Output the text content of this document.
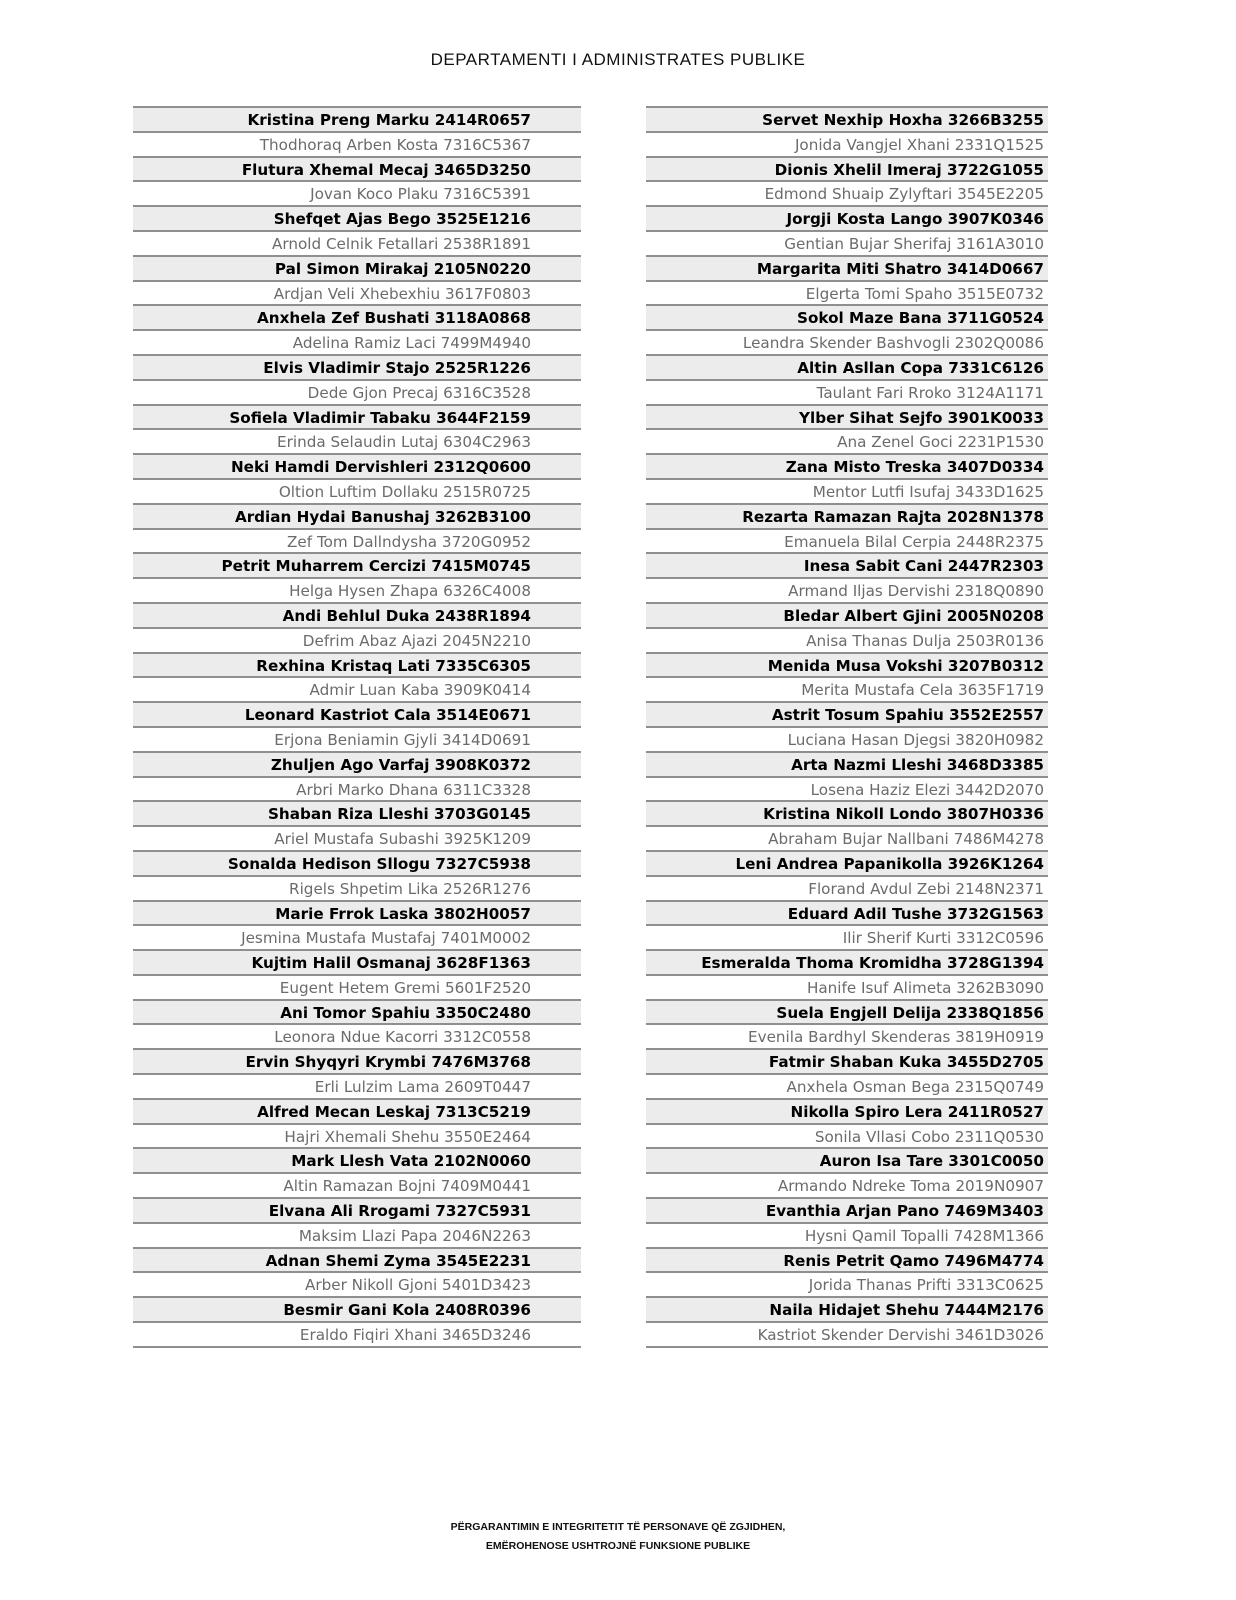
DEPARTAMENTI I ADMINISTRATES PUBLIKE
Kristina Preng Marku 2414R0657
Thodhoraq Arben Kosta 7316C5367
Flutura Xhemal Mecaj 3465D3250
Jovan Koco Plaku 7316C5391
Shefqet Ajas Bego 3525E1216
Arnold Celnik Fetallari 2538R1891
Pal Simon Mirakaj 2105N0220
Ardjan Veli Xhebexhiu 3617F0803
Anxhela Zef Bushati 3118A0868
Adelina Ramiz Laci 7499M4940
Elvis Vladimir Stajo 2525R1226
Dede Gjon Precaj 6316C3528
Sofiela Vladimir Tabaku 3644F2159
Erinda Selaudin Lutaj 6304C2963
Neki Hamdi Dervishleri 2312Q0600
Oltion Luftim Dollaku 2515R0725
Ardian Hydai Banushaj 3262B3100
Zef Tom Dallndysha 3720G0952
Petrit Muharrem Cercizi 7415M0745
Helga Hysen Zhapa 6326C4008
Andi Behlul Duka 2438R1894
Defrim Abaz Ajazi 2045N2210
Rexhina Kristaq Lati 7335C6305
Admir Luan Kaba 3909K0414
Leonard Kastriot Cala 3514E0671
Erjona Beniamin Gjyli 3414D0691
Zhuljen Ago Varfaj 3908K0372
Arbri Marko Dhana 6311C3328
Shaban Riza Lleshi 3703G0145
Ariel Mustafa Subashi 3925K1209
Sonalda Hedison Sllogu 7327C5938
Rigels Shpetim Lika 2526R1276
Marie Frrok Laska 3802H0057
Jesmina Mustafa Mustafaj 7401M0002
Kujtim Halil Osmanaj 3628F1363
Eugent Hetem Gremi 5601F2520
Ani Tomor Spahiu 3350C2480
Leonora Ndue Kacorri 3312C0558
Ervin Shyqyri Krymbi 7476M3768
Erli Lulzim Lama 2609T0447
Alfred Mecan Leskaj 7313C5219
Hajri Xhemali Shehu 3550E2464
Mark Llesh Vata 2102N0060
Altin Ramazan Bojni 7409M0441
Elvana Ali Rrogami 7327C5931
Maksim Llazi Papa 2046N2263
Adnan Shemi Zyma 3545E2231
Arber Nikoll Gjoni 5401D3423
Besmir Gani Kola 2408R0396
Eraldo Fiqiri Xhani 3465D3246
Servet Nexhip Hoxha 3266B3255
Jonida Vangjel Xhani 2331Q1525
Dionis Xhelil Imeraj 3722G1055
Edmond Shuaip Zylyftari 3545E2205
Jorgji Kosta Lango 3907K0346
Gentian Bujar Sherifaj 3161A3010
Margarita Miti Shatro 3414D0667
Elgerta Tomi Spaho 3515E0732
Sokol Maze Bana 3711G0524
Leandra Skender Bashvogli 2302Q0086
Altin Asllan Copa 7331C6126
Taulant Fari Rroko 3124A1171
Ylber Sihat Sejfo 3901K0033
Ana Zenel Goci 2231P1530
Zana Misto Treska 3407D0334
Mentor Lutfi Isufaj 3433D1625
Rezarta Ramazan Rajta 2028N1378
Emanuela Bilal Cerpia 2448R2375
Inesa Sabit Cani 2447R2303
Armand Iljas Dervishi 2318Q0890
Bledar Albert Gjini 2005N0208
Anisa Thanas Dulja 2503R0136
Menida Musa Vokshi 3207B0312
Merita Mustafa Cela 3635F1719
Astrit Tosum Spahiu 3552E2557
Luciana Hasan Djegsi 3820H0982
Arta Nazmi Lleshi 3468D3385
Losena Haziz Elezi 3442D2070
Kristina Nikoll Londo 3807H0336
Abraham Bujar Nallbani 7486M4278
Leni Andrea Papanikolla 3926K1264
Florand Avdul Zebi 2148N2371
Eduard Adil Tushe 3732G1563
Ilir Sherif Kurti 3312C0596
Esmeralda Thoma Kromidha 3728G1394
Hanife Isuf Alimeta 3262B3090
Suela Engjell Delija 2338Q1856
Evenila Bardhyl Skenderas 3819H0919
Fatmir Shaban Kuka 3455D2705
Anxhela Osman Bega 2315Q0749
Nikolla Spiro Lera 2411R0527
Sonila Vllasi Cobo 2311Q0530
Auron Isa Tare 3301C0050
Armando Ndreke Toma 2019N0907
Evanthia Arjan Pano 7469M3403
Hysni Qamil Topalli 7428M1366
Renis Petrit Qamo 7496M4774
Jorida Thanas Prifti 3313C0625
Naila Hidajet Shehu 7444M2176
Kastriot Skender Dervishi 3461D3026
PËRGARANTIMIN E INTEGRITETIT TË PERSONAVE QË ZGJIDHEN,
EMËROHENOSE USHTROJNË FUNKSIONE PUBLIKE
